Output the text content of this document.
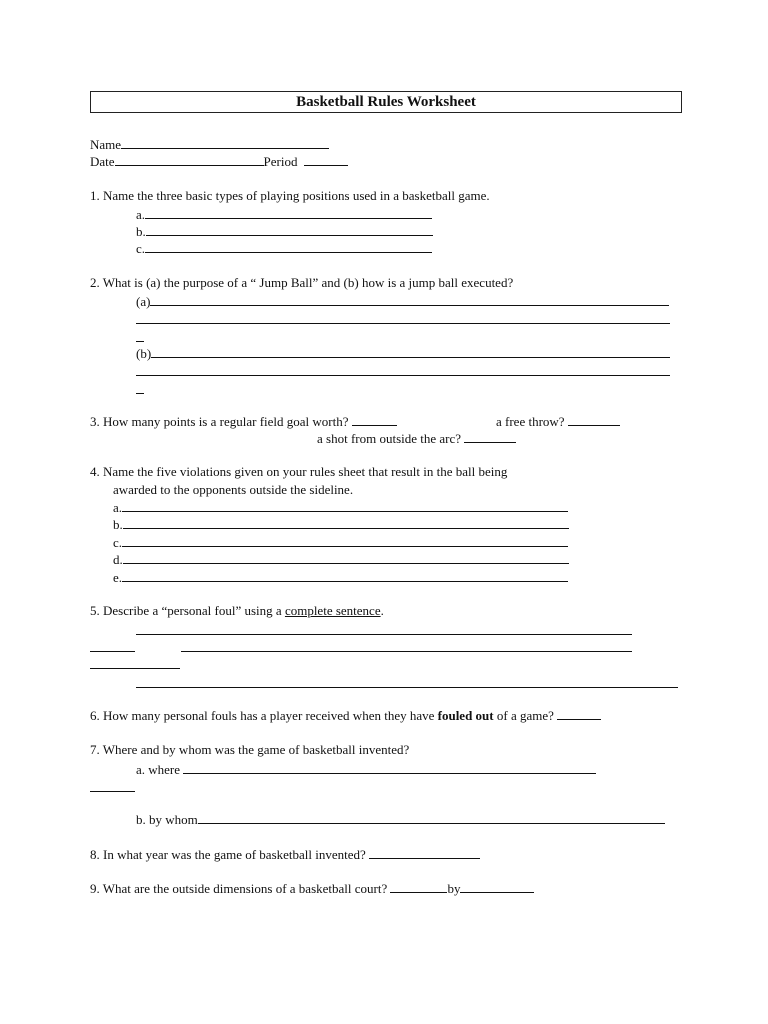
Basketball Rules Worksheet
Name
Date	Period
1. Name the three basic types of playing positions used in a basketball game.
a.
b.
c.
2. What is (a) the purpose of a “ Jump Ball” and (b) how is a jump ball executed?
(a)
(b)
3. How many points is a regular field goal worth?	a free throw?
a shot from outside the arc?
4. Name the five violations given on your rules sheet that result in the ball being
awarded to the opponents outside the sideline.
a.
b.
c.
d.
e.
5. Describe a “personal foul” using a complete sentence.
6. How many personal fouls has a player received when they have fouled out of a game?
7. Where and by whom was the game of basketball invented?
a. where
b. by whom
8. In what year was the game of basketball invented?
9. What are the outside dimensions of a basketball court?	by
